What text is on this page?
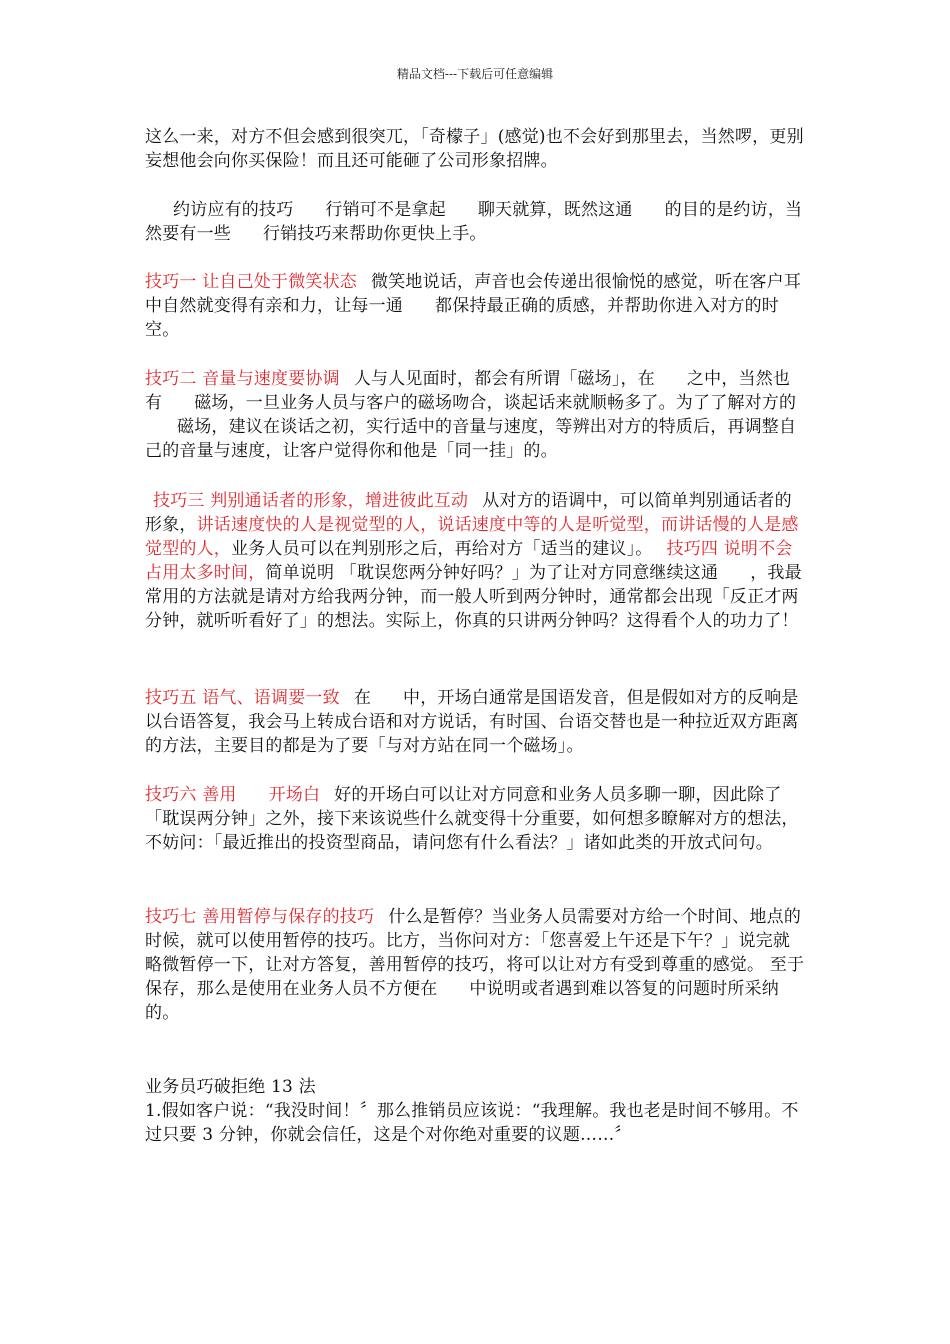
精品文档---下载后可任意编辑
这么一来，对方不但会感到很突兀，「奇檬子」(感觉)也不会好到那里去，当然啰，更别妄想他会向你买保险！而且还可能砸了公司形象招牌。
约访应有的技巧 行销可不是拿起 聊天就算，既然这通 的目的是约访，当然要有一些 行销技巧来帮助你更快上手。
技巧一 让自己处于微笑状态 微笑地说话，声音也会传递出很愉悦的感觉，听在客户耳中自然就变得有亲和力，让每一通 都保持最正确的质感，并帮助你进入对方的时空。
技巧二 音量与速度要协调 人与人见面时，都会有所谓「磁场」，在 之中，当然也有 磁场，一旦业务人员与客户的磁场吻合，谈起话来就顺畅多了。为了了解对方的磁场，建议在谈话之初，实行适中的音量与速度，等辨出对方的特质后，再调整自己的音量与速度，让客户觉得你和他是「同一挂」的。
技巧三 判别通话者的形象，增进彼此互动 从对方的语调中，可以简单判别通话者的形象，讲话速度快的人是视觉型的人，说话速度中等的人是听觉型，而讲话慢的人是感觉型的人，业务人员可以在判别形之后，再给对方「适当的建议」。 技巧四 说明不会占用太多时间，简单说明 「耽误您两分钟好吗？」为了让对方同意继续这通 ，我最常用的方法就是请对方给我两分钟，而一般人听到两分钟时，通常都会出现「反正才两分钟，就听听看好了」的想法。实际上，你真的只讲两分钟吗？这得看个人的功力了！
技巧五 语气、语调要一致 在 中，开场白通常是国语发音，但是假如对方的反响是以台语答复，我会马上转成台语和对方说话，有时国、台语交替也是一种拉近双方距离的方法，主要目的都是为了要「与对方站在同一个磁场」。
技巧六 善用 开场白 好的开场白可以让对方同意和业务人员多聊一聊，因此除了「耽误两分钟」之外，接下来该说些什么就变得十分重要，如何想多瞭解对方的想法，不妨问：「最近推出的投资型商品，请问您有什么看法？」诸如此类的开放式问句。
技巧七 善用暂停与保存的技巧 什么是暂停？当业务人员需要对方给一个时间、地点的时候，就可以使用暂停的技巧。比方，当你问对方：「您喜爱上午还是下午？」说完就略微暂停一下，让对方答复，善用暂停的技巧，将可以让对方有受到尊重的感觉。 至于保存，那么是使用在业务人员不方便在 中说明或者遇到难以答复的问题时所采纳的。
业务员巧破拒绝 13 法
1.假如客户说：“我没时间！〞那么推销员应该说：“我理解。我也老是时间不够用。不过只要 3 分钟，你就会信任，这是个对你绝对重要的议题……〞
